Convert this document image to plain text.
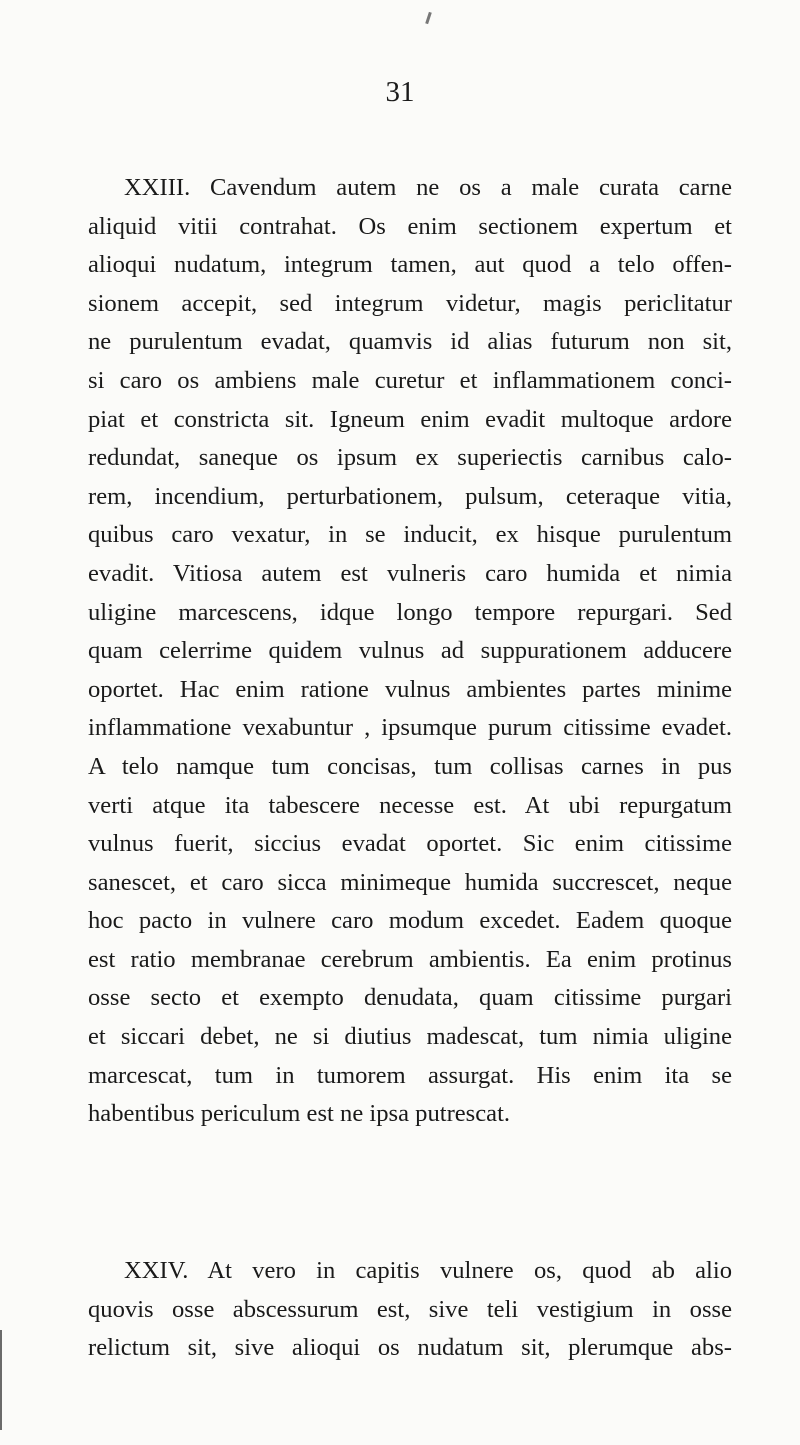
31
XXIII. Cavendum autem ne os a male curata carne
aliquid vitii contrahat. Os enim sectionem expertum et
alioqui nudatum, integrum tamen, aut quod a telo offen-
sionem accepit, sed integrum videtur, magis periclitatur
ne purulentum evadat, quamvis id alias futurum non sit,
si caro os ambiens male curetur et inflammationem conci-
piat et constricta sit. Igneum enim evadit multoque ardore
redundat, saneque os ipsum ex superiectis carnibus calo-
rem, incendium, perturbationem, pulsum, ceteraque vitia,
quibus caro vexatur, in se inducit, ex hisque purulentum
evadit. Vitiosa autem est vulneris caro humida et nimia
uligine marcescens, idque longo tempore repurgari. Sed
quam celerrime quidem vulnus ad suppurationem adducere
oportet. Hac enim ratione vulnus ambientes partes minime
inflammatione vexabuntur , ipsumque purum citissime evadet.
A telo namque tum concisas, tum collisas carnes in pus
verti atque ita tabescere necesse est. At ubi repurgatum
vulnus fuerit, siccius evadat oportet. Sic enim citissime
sanescet, et caro sicca minimeque humida succrescet, neque
hoc pacto in vulnere caro modum excedet. Eadem quoque
est ratio membranae cerebrum ambientis. Ea enim protinus
osse secto et exempto denudata, quam citissime purgari
et siccari debet, ne si diutius madescat, tum nimia uligine
marcescat, tum in tumorem assurgat. His enim ita se
habentibus periculum est ne ipsa putrescat.
XXIV. At vero in capitis vulnere os, quod ab alio
quovis osse abscessurum est, sive teli vestigium in osse
relictum sit, sive alioqui os nudatum sit, plerumque abs-
